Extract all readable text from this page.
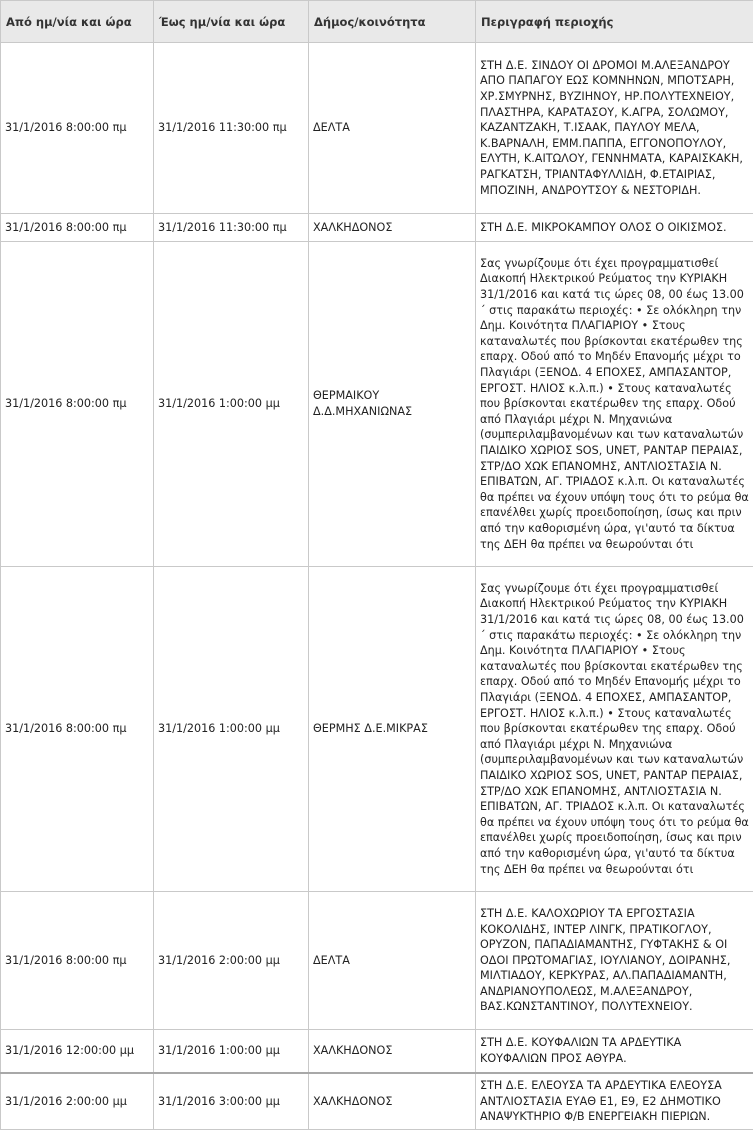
Από ημ/νία και ώρα	Έως ημ/νία και ώρα	Δήμος/κοινότητα	Περιγραφή περιοχής
31/1/2016 8:00:00 πμ	31/1/2016 11:30:00 πμ	ΔΕΛΤΑ	ΣΤΗ Δ.Ε. ΣΙΝΔΟΥ ΟΙ ΔΡΟΜΟΙ Μ.ΑΛΕΞΑΝΔΡΟΥ ΑΠΟ ΠΑΠΑΓΟΥ ΕΩΣ ΚΟΜΝΗΝΩΝ, ΜΠΟΤΣΑΡΗ, ΧΡ.ΣΜΥΡΝΗΣ, ΒΥΖΙΗΝΟΥ, ΗΡ.ΠΟΛΥΤΕΧΝΕΙΟΥ, ΠΛΑΣΤΗΡΑ, ΚΑΡΑΤΑΣΟΥ, Κ.ΑΓΡΑ, ΣΟΛΩΜΟΥ, ΚΑΖΑΝΤΖΑΚΗ, Τ.ΙΣΑΑΚ, ΠΑΥΛΟΥ ΜΕΛΑ, Κ.ΒΑΡΝΑΛΗ, ΕΜΜ.ΠΑΠΠΑ, ΕΓΓΟΝΟΠΟΥΛΟΥ, ΕΛΥΤΗ, Κ.ΑΙΤΩΛΟΥ, ΓΕΝΝΗΜΑΤΑ, ΚΑΡΑΙΣΚΑΚΗ, ΡΑΓΚΑΤΣΗ, ΤΡΙΑΝΤΑΦΥΛΛΙΔΗ, Φ.ΕΤΑΙΡΙΑΣ, ΜΠΟΖΙΝΗ, ΑΝΔΡΟΥΤΣΟΥ & ΝΕΣΤΟΡΙΔΗ.
31/1/2016 8:00:00 πμ	31/1/2016 11:30:00 πμ	ΧΑΛΚΗΔΟΝΟΣ	ΣΤΗ Δ.Ε. ΜΙΚΡΟΚΑΜΠΟΥ ΟΛΟΣ Ο ΟΙΚΙΣΜΟΣ.
31/1/2016 8:00:00 πμ	31/1/2016 1:00:00 μμ	ΘΕΡΜΑΙΚΟΥ Δ.Δ.ΜΗΧΑΝΙΩΝΑΣ	Σας γνωρίζουμε ότι έχει προγραμματισθεί Διακοπή Ηλεκτρικού Ρεύματος την ΚΥΡΙΑΚΗ 31/1/2016 και κατά τις ώρες 08, 00 έως 13.00 ΄ στις παρακάτω περιοχές: • Σε ολόκληρη την Δημ. Κοινότητα ΠΛΑΓΙΑΡΙΟΥ • Στους καταναλωτές που βρίσκονται εκατέρωθεν της επαρχ. Οδού από το Μηδέν Επανομής μέχρι το Πλαγιάρι (ΞΕΝΟΔ. 4 ΕΠΟΧΕΣ, ΑΜΠΑΣΑΝΤΟΡ, ΕΡΓΟΣΤ. ΗΛΙΟΣ κ.λ.π.) • Στους καταναλωτές που βρίσκονται εκατέρωθεν της επαρχ. Οδού από Πλαγιάρι μέχρι Ν. Μηχανιώνα (συμπεριλαμβανομένων και των καταναλωτών ΠΑΙΔΙΚΟ ΧΩΡΙΟΣ SOS, UNET, ΡΑΝΤΑΡ ΠΕΡΑΙΑΣ, ΣΤΡ/ΔΟ ΧΩΚ ΕΠΑΝΟΜΗΣ, ΑΝΤΛΙΟΣΤΑΣΙΑ Ν. ΕΠΙΒΑΤΩΝ, ΑΓ. ΤΡΙΑΔΟΣ κ.λ.π. Οι καταναλωτές θα πρέπει να έχουν υπόψη τους ότι το ρεύμα θα επανέλθει χωρίς προειδοποίηση, ίσως και πριν από την καθορισμένη ώρα, γι'αυτό τα δίκτυα της ΔΕΗ θα πρέπει να θεωρούνται ότι
31/1/2016 8:00:00 πμ	31/1/2016 1:00:00 μμ	ΘΕΡΜΗΣ Δ.Ε.ΜΙΚΡΑΣ	Σας γνωρίζουμε ότι έχει προγραμματισθεί Διακοπή Ηλεκτρικού Ρεύματος την ΚΥΡΙΑΚΗ 31/1/2016 και κατά τις ώρες 08, 00 έως 13.00 ΄ στις παρακάτω περιοχές: • Σε ολόκληρη την Δημ. Κοινότητα ΠΛΑΓΙΑΡΙΟΥ • Στους καταναλωτές που βρίσκονται εκατέρωθεν της επαρχ. Οδού από το Μηδέν Επανομής μέχρι το Πλαγιάρι (ΞΕΝΟΔ. 4 ΕΠΟΧΕΣ, ΑΜΠΑΣΑΝΤΟΡ, ΕΡΓΟΣΤ. ΗΛΙΟΣ κ.λ.π.) • Στους καταναλωτές που βρίσκονται εκατέρωθεν της επαρχ. Οδού από Πλαγιάρι μέχρι Ν. Μηχανιώνα (συμπεριλαμβανομένων και των καταναλωτών ΠΑΙΔΙΚΟ ΧΩΡΙΟΣ SOS, UNET, ΡΑΝΤΑΡ ΠΕΡΑΙΑΣ, ΣΤΡ/ΔΟ ΧΩΚ ΕΠΑΝΟΜΗΣ, ΑΝΤΛΙΟΣΤΑΣΙΑ Ν. ΕΠΙΒΑΤΩΝ, ΑΓ. ΤΡΙΑΔΟΣ κ.λ.π. Οι καταναλωτές θα πρέπει να έχουν υπόψη τους ότι το ρεύμα θα επανέλθει χωρίς προειδοποίηση, ίσως και πριν από την καθορισμένη ώρα, γι'αυτό τα δίκτυα της ΔΕΗ θα πρέπει να θεωρούνται ότι
31/1/2016 8:00:00 πμ	31/1/2016 2:00:00 μμ	ΔΕΛΤΑ	ΣΤΗ Δ.Ε. ΚΑΛΟΧΩΡΙΟΥ ΤΑ ΕΡΓΟΣΤΑΣΙΑ ΚΟΚΟΛΙΔΗΣ, ΙΝΤΕΡ ΛΙΝΓΚ, ΠΡΑΤΙΚΟΓΛΟΥ, ΟΡΥΖΟΝ, ΠΑΠΑΔΙΑΜΑΝΤΗΣ, ΓΥΦΤΑΚΗΣ & ΟΙ ΟΔΟΙ ΠΡΩΤΟΜΑΓΙΑΣ, ΙΟΥΛΙΑΝΟΥ, ΔΟΙΡΑΝΗΣ, ΜΙΛΤΙΑΔΟΥ, ΚΕΡΚΥΡΑΣ, ΑΛ.ΠΑΠΑΔΙΑΜΑΝΤΗ, ΑΝΔΡΙΑΝΟΥΠΟΛΕΩΣ, Μ.ΑΛΕΞΑΝΔΡΟΥ, ΒΑΣ.ΚΩΝΣΤΑΝΤΙΝΟΥ, ΠΟΛΥΤΕΧΝΕΙΟΥ.
31/1/2016 12:00:00 μμ	31/1/2016 1:00:00 μμ	ΧΑΛΚΗΔΟΝΟΣ	ΣΤΗ Δ.Ε. ΚΟΥΦΑΛΙΩΝ ΤΑ ΑΡΔΕΥΤΙΚΑ ΚΟΥΦΑΛΙΩΝ ΠΡΟΣ ΑΘΥΡΑ.
31/1/2016 2:00:00 μμ	31/1/2016 3:00:00 μμ	ΧΑΛΚΗΔΟΝΟΣ	ΣΤΗ Δ.Ε. ΕΛΕΟΥΣΑ ΤΑ ΑΡΔΕΥΤΙΚΑ ΕΛΕΟΥΣΑ ΑΝΤΛΙΟΣΤΑΣΙΑ ΕΥΑΘ Ε1, Ε9, Ε2 ΔΗΜΟΤΙΚΟ ΑΝΑΨΥΚΤΗΡΙΟ Φ/Β ΕΝΕΡΓΕΙΑΚΗ ΠΙΕΡΙΩΝ.
